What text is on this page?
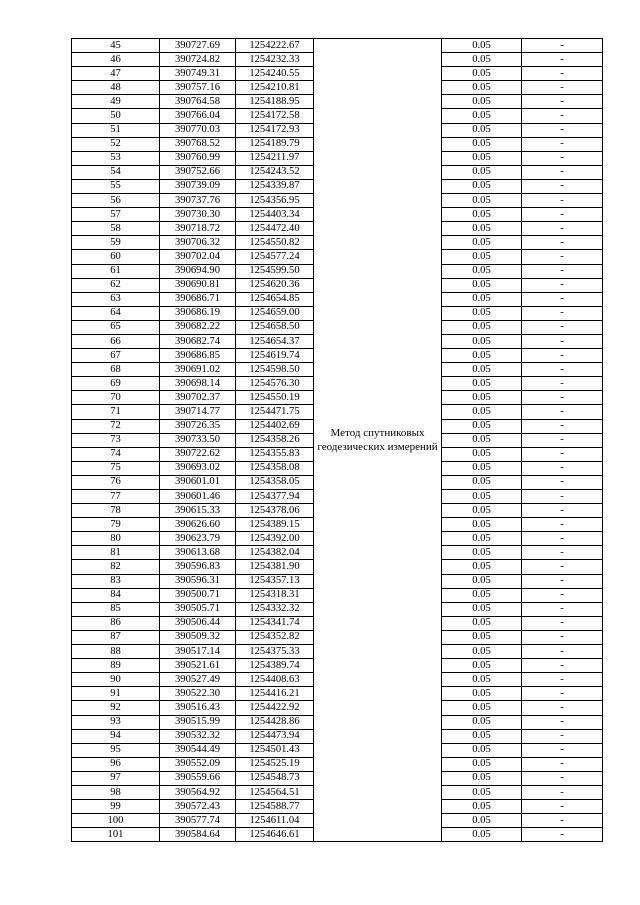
45	390727.69	1254222.67	Метод спутниковых геодезических измерений	0.05	-
46	390724.82	1254232.33		0.05	-
47	390749.31	1254240.55		0.05	-
48	390757.16	1254210.81		0.05	-
49	390764.58	1254188.95		0.05	-
50	390766.04	1254172.58		0.05	-
51	390770.03	1254172.93		0.05	-
52	390768.52	1254189.79		0.05	-
53	390760.99	1254211.97		0.05	-
54	390752.66	1254243.52		0.05	-
55	390739.09	1254339.87		0.05	-
56	390737.76	1254356.95		0.05	-
57	390730.30	1254403.34		0.05	-
58	390718.72	1254472.40		0.05	-
59	390706.32	1254550.82		0.05	-
60	390702.04	1254577.24		0.05	-
61	390694.90	1254599.50		0.05	-
62	390690.81	1254620.36		0.05	-
63	390686.71	1254654.85		0.05	-
64	390686.19	1254659.00		0.05	-
65	390682.22	1254658.50		0.05	-
66	390682.74	1254654.37		0.05	-
67	390686.85	1254619.74		0.05	-
68	390691.02	1254598.50		0.05	-
69	390698.14	1254576.30		0.05	-
70	390702.37	1254550.19		0.05	-
71	390714.77	1254471.75		0.05	-
72	390726.35	1254402.69		0.05	-
73	390733.50	1254358.26		0.05	-
74	390722.62	1254355.83		0.05	-
75	390693.02	1254358.08		0.05	-
76	390601.01	1254358.05		0.05	-
77	390601.46	1254377.94		0.05	-
78	390615.33	1254378.06		0.05	-
79	390626.60	1254389.15		0.05	-
80	390623.79	1254392.00		0.05	-
81	390613.68	1254382.04		0.05	-
82	390596.83	1254381.90		0.05	-
83	390596.31	1254357.13		0.05	-
84	390500.71	1254318.31		0.05	-
85	390505.71	1254332.32		0.05	-
86	390506.44	1254341.74		0.05	-
87	390509.32	1254352.82		0.05	-
88	390517.14	1254375.33		0.05	-
89	390521.61	1254389.74		0.05	-
90	390527.49	1254408.63		0.05	-
91	390522.30	1254416.21		0.05	-
92	390516.43	1254422.92		0.05	-
93	390515.99	1254428.86		0.05	-
94	390532.32	1254473.94		0.05	-
95	390544.49	1254501.43		0.05	-
96	390552.09	1254525.19		0.05	-
97	390559.66	1254548.73		0.05	-
98	390564.92	1254564.51		0.05	-
99	390572.43	1254588.77		0.05	-
100	390577.74	1254611.04		0.05	-
101	390584.64	1254646.61		0.05	-
